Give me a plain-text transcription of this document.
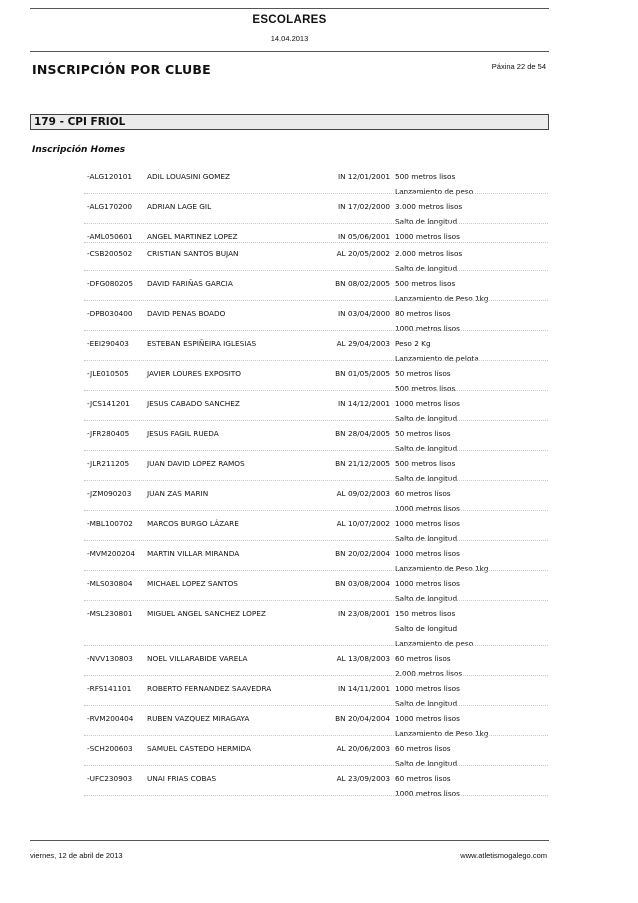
ESCOLARES
14.04.2013
INSCRIPCIÓN POR CLUBE	Páxina 22 de 54
179 - CPI FRIOL
Inscripción Homes
-ALG120101 ADIL LOUASINI GOMEZ	IN 12/01/2001 500 metros lisos
Lanzamiento de peso
-ALG170200 ADRIAN LAGE GIL	IN 17/02/2000 3.000 metros lisos
Salto de longitud
-AML050601 ANGEL MARTINEZ LOPEZ	IN 05/06/2001 1000 metros lisos
-CSB200502 CRISTIAN SANTOS BUJAN	AL 20/05/2002 2.000 metros lisos
Salto de longitud
-DFG080205 DAVID FARIÑAS GARCIA	BN 08/02/2005 500 metros lisos
Lanzamiento de Peso 1kg
-DPB030400 DAVID PENAS BOADO	IN 03/04/2000 80 metros lisos
1000 metros lisos
-EEI290403 ESTEBAN ESPIÑEIRA IGLESIAS	AL 29/04/2003 Peso 2 Kg
Lanzamiento de pelota
-JLE010505	JAVIER LOURES EXPOSITO	BN 01/05/2005 50 metros lisos
500 metros lisos
-JCS141201 JESUS CABADO SANCHEZ	IN 14/12/2001 1000 metros lisos
Salto de longitud
-JFR280405 JESUS FAGIL RUEDA	BN 28/04/2005 50 metros lisos
Salto de longitud
-JLR211205 JUAN DAVID LOPEZ RAMOS	BN 21/12/2005 500 metros lisos
Salto de longitud
-JZM090203 JUAN ZAS MARIN	AL 09/02/2003 60 metros lisos
1000 metros lisos
-MBL100702 MARCOS BURGO LÁZARE	AL 10/07/2002 1000 metros lisos
Salto de longitud
-MVM200204 MARTIN VILLAR MIRANDA	BN 20/02/2004 1000 metros lisos
Lanzamiento de Peso 1kg
-MLS030804 MICHAEL LOPEZ SANTOS	BN 03/08/2004 1000 metros lisos
Salto de longitud
-MSL230801 MIGUEL ANGEL SANCHEZ LOPEZ	IN 23/08/2001 150 metros lisos
Salto de longitud
Lanzamiento de peso
-NVV130803 NOEL VILLARABIDE VARELA	AL 13/08/2003 60 metros lisos
2.000 metros lisos
-RFS141101 ROBERTO FERNANDEZ SAAVEDRA	IN 14/11/2001 1000 metros lisos
Salto de longitud
-RVM200404 RUBEN VAZQUEZ MIRAGAYA	BN 20/04/2004 1000 metros lisos
Lanzamiento de Peso 1kg
-SCH200603 SAMUEL CASTEDO HERMIDA	AL 20/06/2003 60 metros lisos
Salto de longitud
-UFC230903 UNAI FRIAS COBAS	AL 23/09/2003 60 metros lisos
1000 metros lisos
viernes, 12 de abril de 2013	www.atletismogalego.com
